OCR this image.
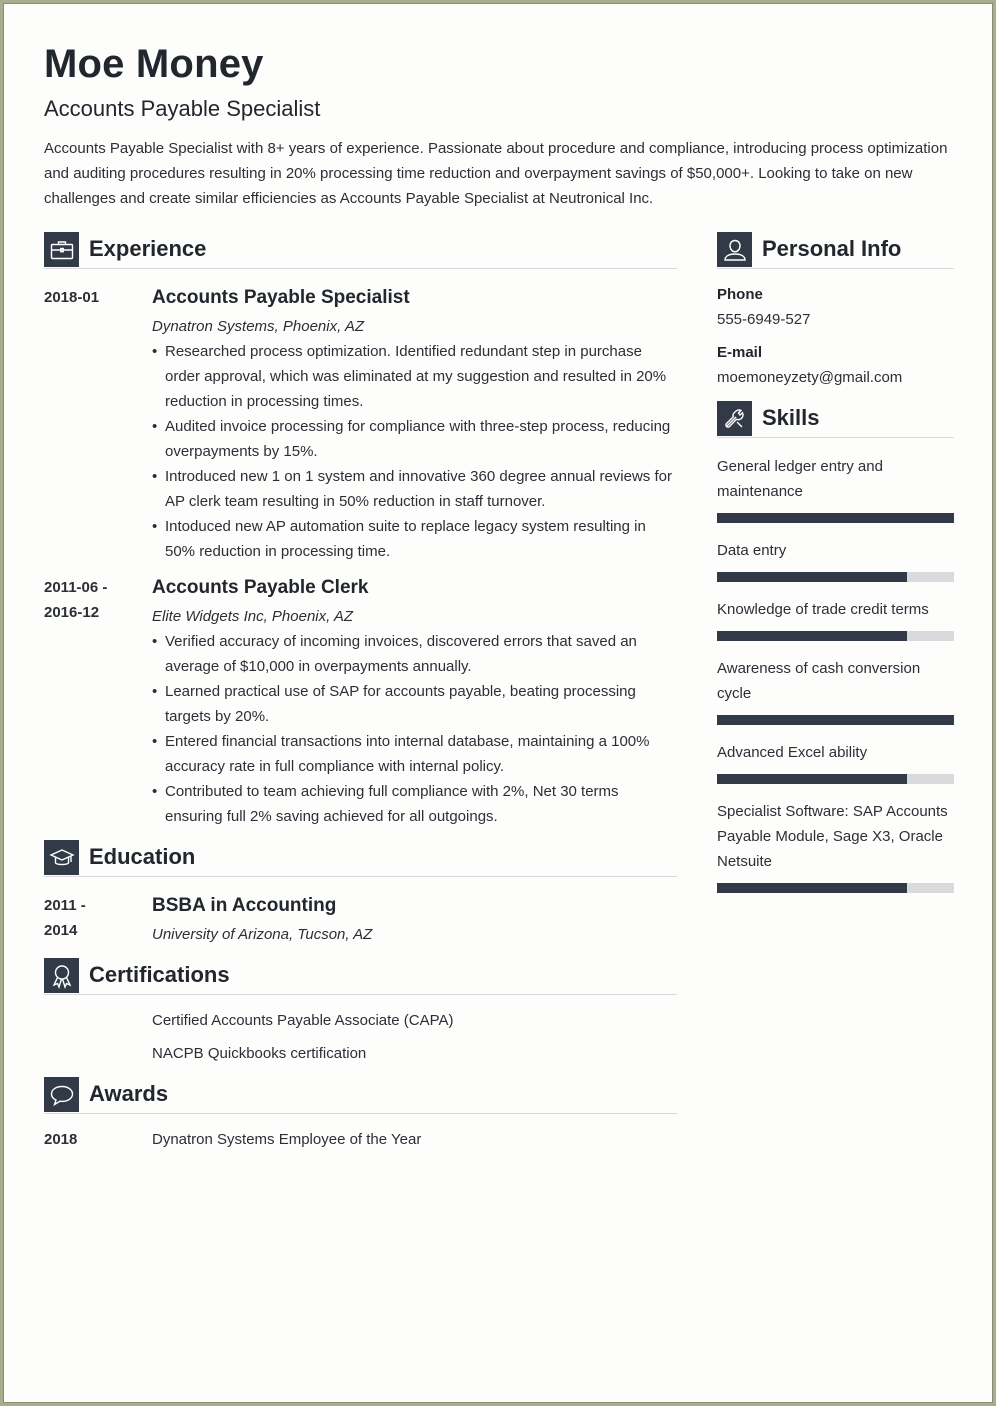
Moe Money
Accounts Payable Specialist

Accounts Payable Specialist with 8+ years of experience. Passionate about procedure and compliance, introducing process optimization and auditing procedures resulting in 20% processing time reduction and overpayment savings of $50,000+. Looking to take on new challenges and create similar efficiencies as Accounts Payable Specialist at Neutronical Inc.

Experience
2018-01	Accounts Payable Specialist
Dynatron Systems, Phoenix, AZ
• Researched process optimization. Identified redundant step in purchase order approval, which was eliminated at my suggestion and resulted in 20% reduction in processing times.
• Audited invoice processing for compliance with three-step process, reducing overpayments by 15%.
• Introduced new 1 on 1 system and innovative 360 degree annual reviews for AP clerk team resulting in 50% reduction in staff turnover.
• Intoduced new AP automation suite to replace legacy system resulting in 50% reduction in processing time.
2011-06 - 2016-12
Accounts Payable Clerk
Elite Widgets Inc, Phoenix, AZ
• Verified accuracy of incoming invoices, discovered errors that saved an average of $10,000 in overpayments annually.
• Learned practical use of SAP for accounts payable, beating processing targets by 20%.
• Entered financial transactions into internal database, maintaining a 100% accuracy rate in full compliance with internal policy.
• Contributed to team achieving full compliance with 2%, Net 30 terms ensuring full 2% saving achieved for all outgoings.
Education
2011 - 2014
BSBA in Accounting
University of Arizona, Tucson, AZ
Certifications
Certified Accounts Payable Associate (CAPA)
NACPB Quickbooks certification
Awards
2018	Dynatron Systems Employee of the Year
Personal Info
Phone
555-6949-527
E-mail
moemoneyzety@gmail.com
Skills
General ledger entry and maintenance
Data entry
Knowledge of trade credit terms
Awareness of cash conversion cycle
Advanced Excel ability
Specialist Software: SAP Accounts Payable Module, Sage X3, Oracle Netsuite
